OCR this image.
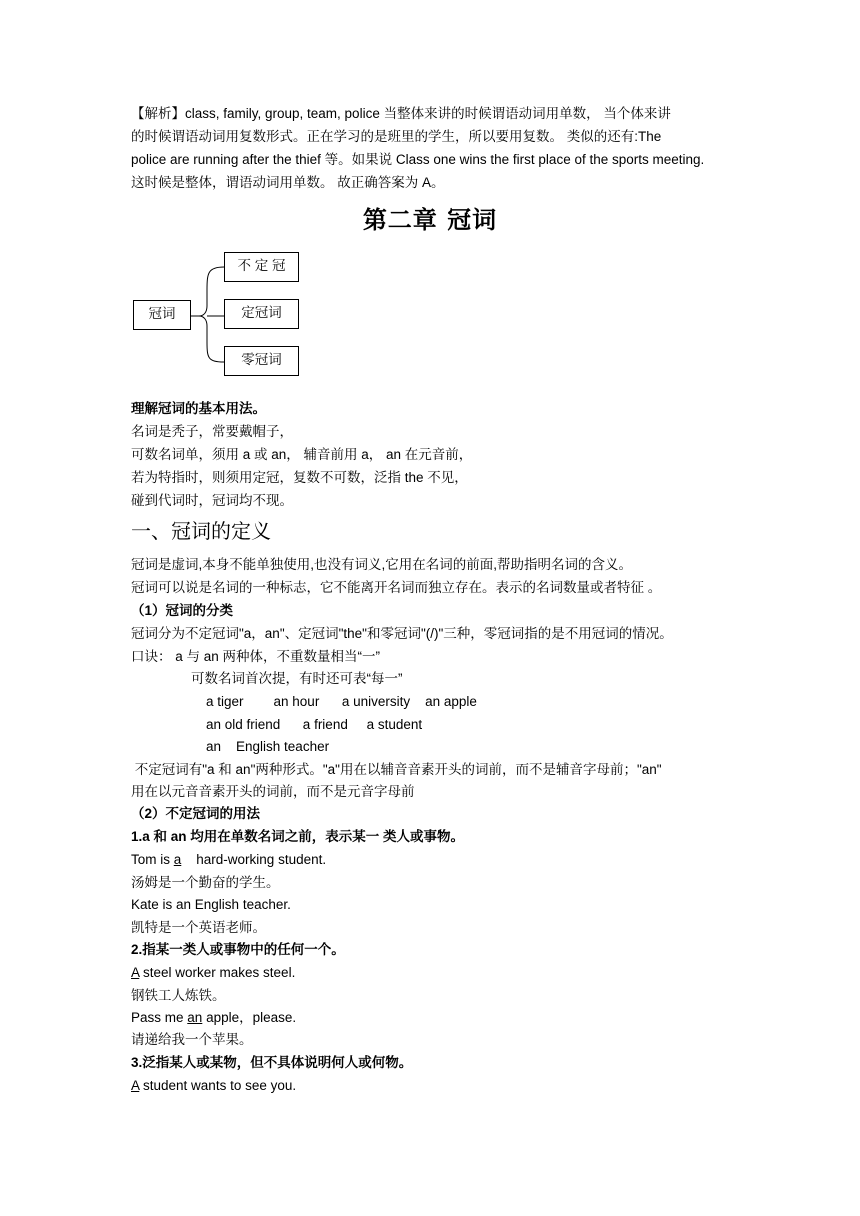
【解析】class, family, group, team, police 当整体来讲的时候谓语动词用单数， 当个体来讲
的时候谓语动词用复数形式。正在学习的是班里的学生，所以要用复数。 类似的还有:The
police are running after the thief 等。如果说 Class one wins the first place of the sports meeting.
这时候是整体，谓语动词用单数。 故正确答案为 A。
第二章 冠词
冠词
不 定 冠
定冠词
零冠词
理解冠词的基本用法。
名词是秃子，常要戴帽子，
可数名词单，须用 a 或 an， 辅音前用 a， an 在元音前，
若为特指时，则须用定冠，复数不可数，泛指 the 不见，
碰到代词时，冠词均不现。
一、冠词的定义
冠词是虚词,本身不能单独使用,也没有词义,它用在名词的前面,帮助指明名词的含义。
冠词可以说是名词的一种标志，它不能离开名词而独立存在。表示的名词数量或者特征 。
（1）冠词的分类
冠词分为不定冠词"a，an"、定冠词"the"和零冠词"(/)"三种，零冠词指的是不用冠词的情况。
口诀： a 与 an 两种体，不重数量相当“一”
可数名词首次提，有时还可表“每一”
a tiger        an hour      a university    an apple
an old friend      a friend     a student
an    English teacher
不定冠词有"a 和 an"两种形式。"a"用在以辅音音素开头的词前，而不是辅音字母前；"an"
用在以元音音素开头的词前，而不是元音字母前
（2）不定冠词的用法
1.a 和 an 均用在单数名词之前，表示某一 类人或事物。
Tom is a    hard-working student.
汤姆是一个勤奋的学生。
Kate is an English teacher.
凯特是一个英语老师。
2.指某一类人或事物中的任何一个。
A steel worker makes steel.
钢铁工人炼铁。
Pass me an apple，please.
请递给我一个苹果。
3.泛指某人或某物，但不具体说明何人或何物。
A student wants to see you.
